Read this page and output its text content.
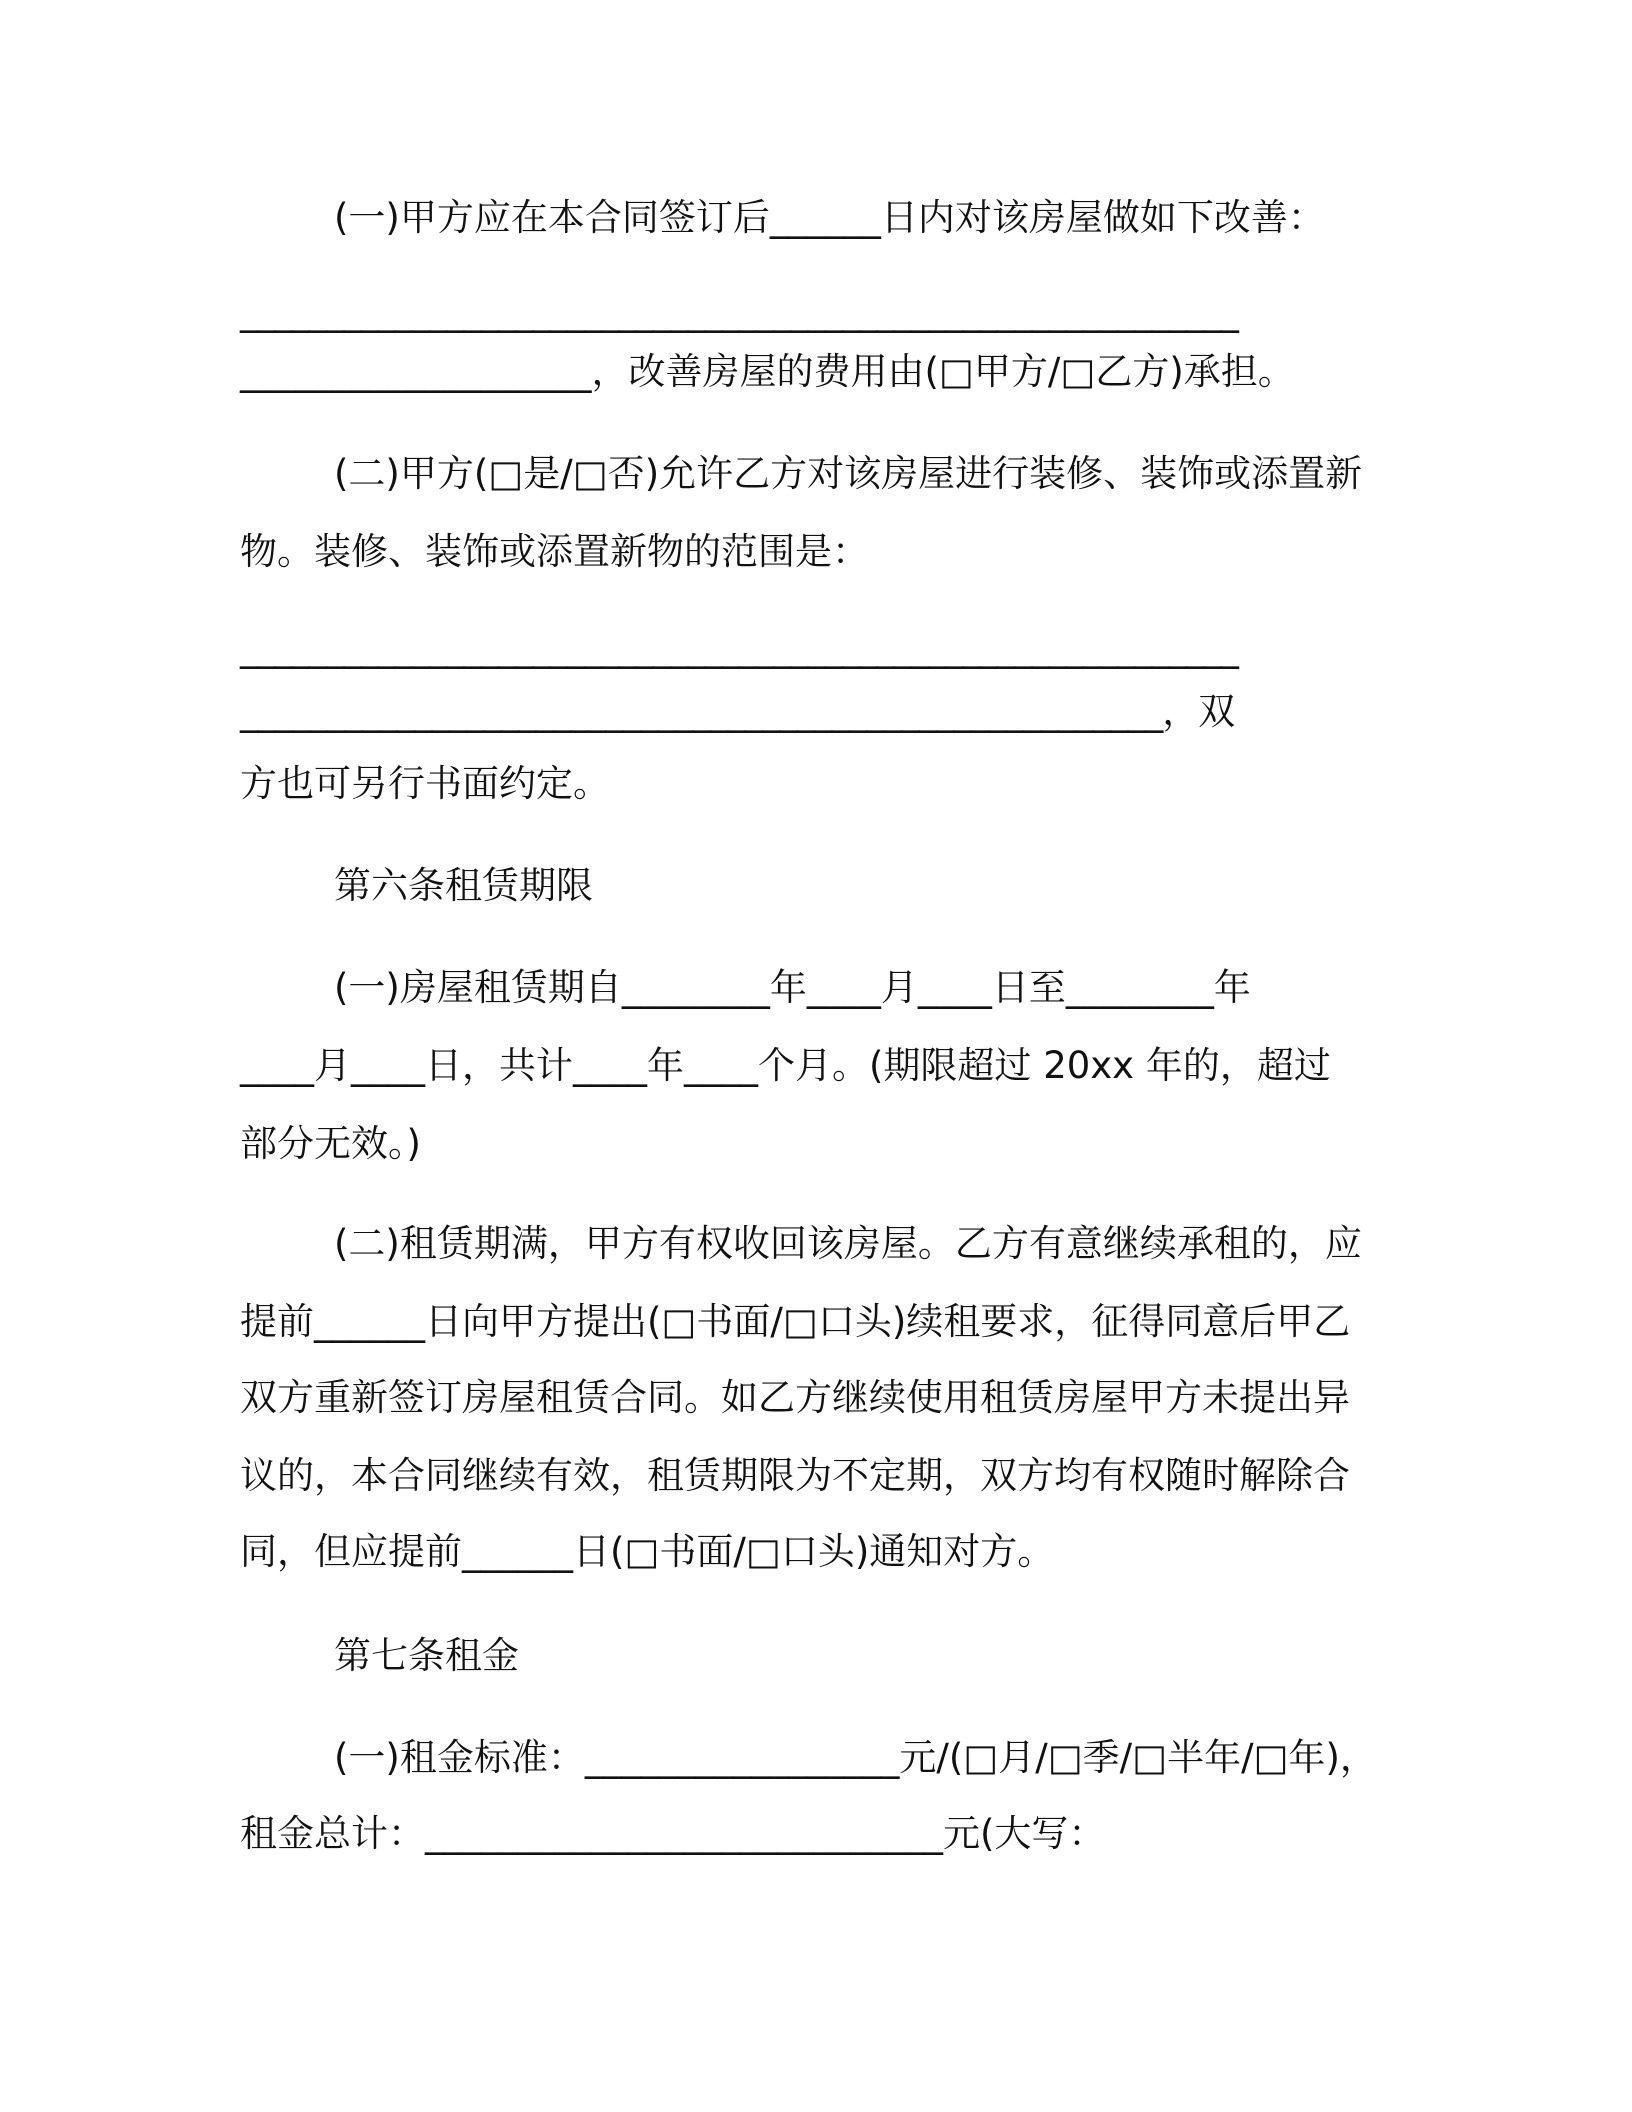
(一)甲方应在本合同签订后______日内对该房屋做如下改善：
__________________________________________________________
___________________，改善房屋的费用由(□甲方/□乙方)承担。
(二)甲方(□是/□否)允许乙方对该房屋进行装修、装饰或添置新
物。装修、装饰或添置新物的范围是：
__________________________________________________________
_____________________________________________________，双
方也可另行书面约定。
第六条租赁期限
(一)房屋租赁期自________年____月____日至________年
____月____日，共计____年____个月。(期限超过 20xx 年的，超过
部分无效。)
(二)租赁期满，甲方有权收回该房屋。乙方有意继续承租的，应
提前______日向甲方提出(□书面/□口头)续租要求，征得同意后甲乙
双方重新签订房屋租赁合同。如乙方继续使用租赁房屋甲方未提出异
议的，本合同继续有效，租赁期限为不定期，双方均有权随时解除合
同，但应提前______日(□书面/□口头)通知对方。
第七条租金
(一)租金标准：_________________元/(□月/□季/□半年/□年)，
租金总计：____________________________元(大写：
